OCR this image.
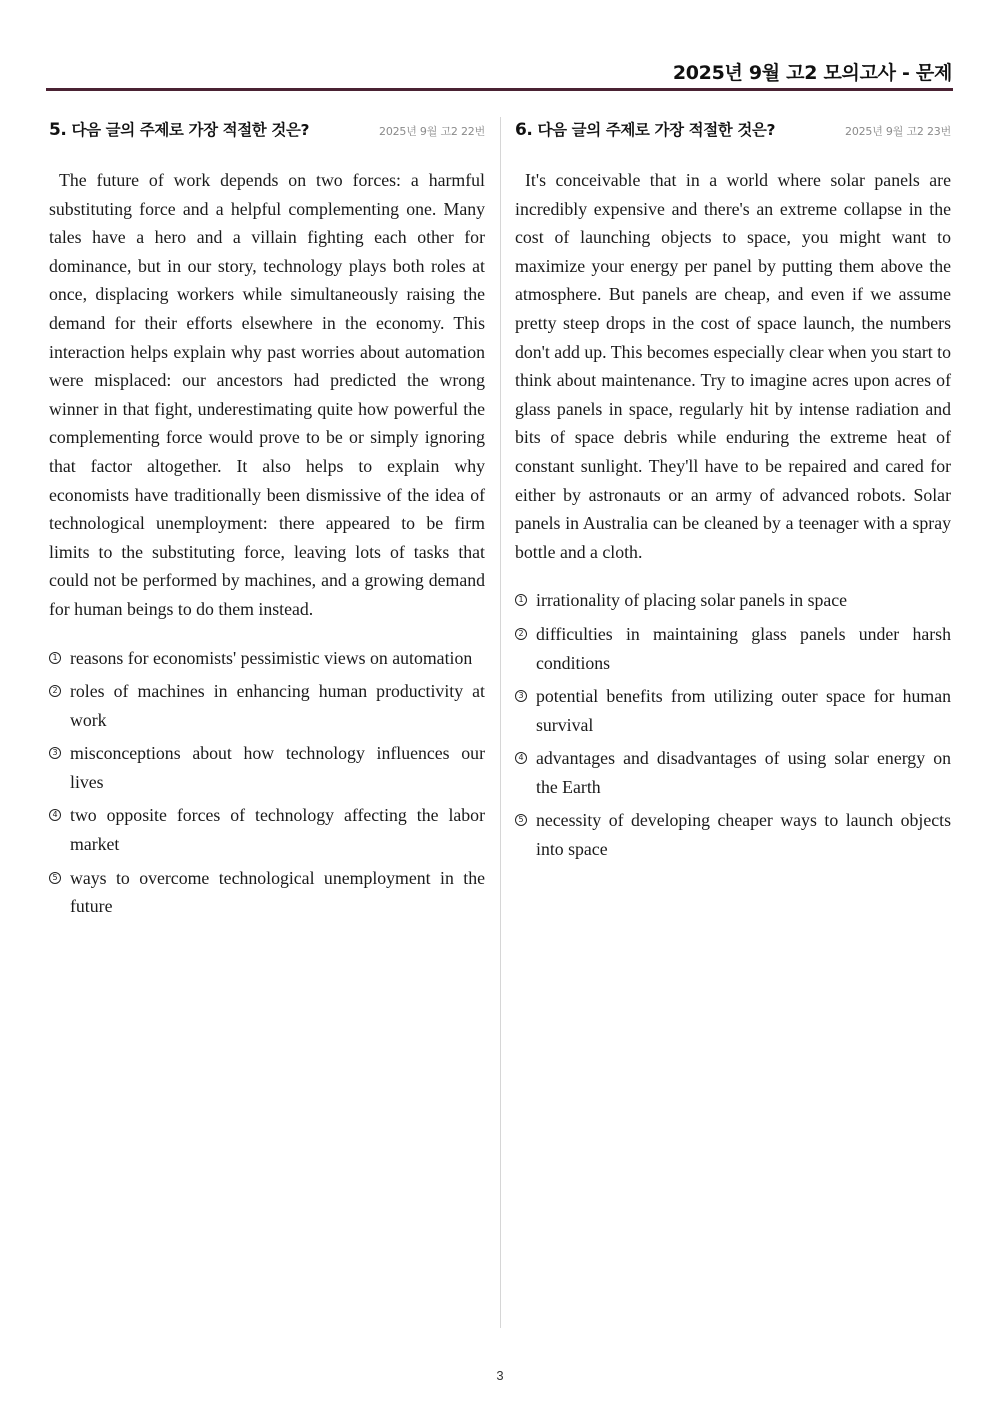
2025년 9월 고2 모의고사 - 문제
5. 다음 글의 주제로 가장 적절한 것은?	2025년 9월 고2 22번
The future of work depends on two forces: a harmful substituting force and a helpful complementing one. Many tales have a hero and a villain fighting each other for dominance, but in our story, technology plays both roles at once, displacing workers while simultaneously raising the demand for their efforts elsewhere in the economy. This interaction helps explain why past worries about automation were misplaced: our ancestors had predicted the wrong winner in that fight, underestimating quite how powerful the complementing force would prove to be or simply ignoring that factor altogether. It also helps to explain why economists have traditionally been dismissive of the idea of technological unemployment: there appeared to be firm limits to the substituting force, leaving lots of tasks that could not be performed by machines, and a growing demand for human beings to do them instead.
1 reasons for economists' pessimistic views on automation
2 roles of machines in enhancing human productivity at work
3 misconceptions about how technology influences our lives
4 two opposite forces of technology affecting the labor market
5 ways to overcome technological unemployment in the future
6. 다음 글의 주제로 가장 적절한 것은?	2025년 9월 고2 23번
It's conceivable that in a world where solar panels are incredibly expensive and there's an extreme collapse in the cost of launching objects to space, you might want to maximize your energy per panel by putting them above the atmosphere. But panels are cheap, and even if we assume pretty steep drops in the cost of space launch, the numbers don't add up. This becomes especially clear when you start to think about maintenance. Try to imagine acres upon acres of glass panels in space, regularly hit by intense radiation and bits of space debris while enduring the extreme heat of constant sunlight. They'll have to be repaired and cared for either by astronauts or an army of advanced robots. Solar panels in Australia can be cleaned by a teenager with a spray bottle and a cloth.
1 irrationality of placing solar panels in space
2 difficulties in maintaining glass panels under harsh conditions
3 potential benefits from utilizing outer space for human survival
4 advantages and disadvantages of using solar energy on the Earth
5 necessity of developing cheaper ways to launch objects into space
3
